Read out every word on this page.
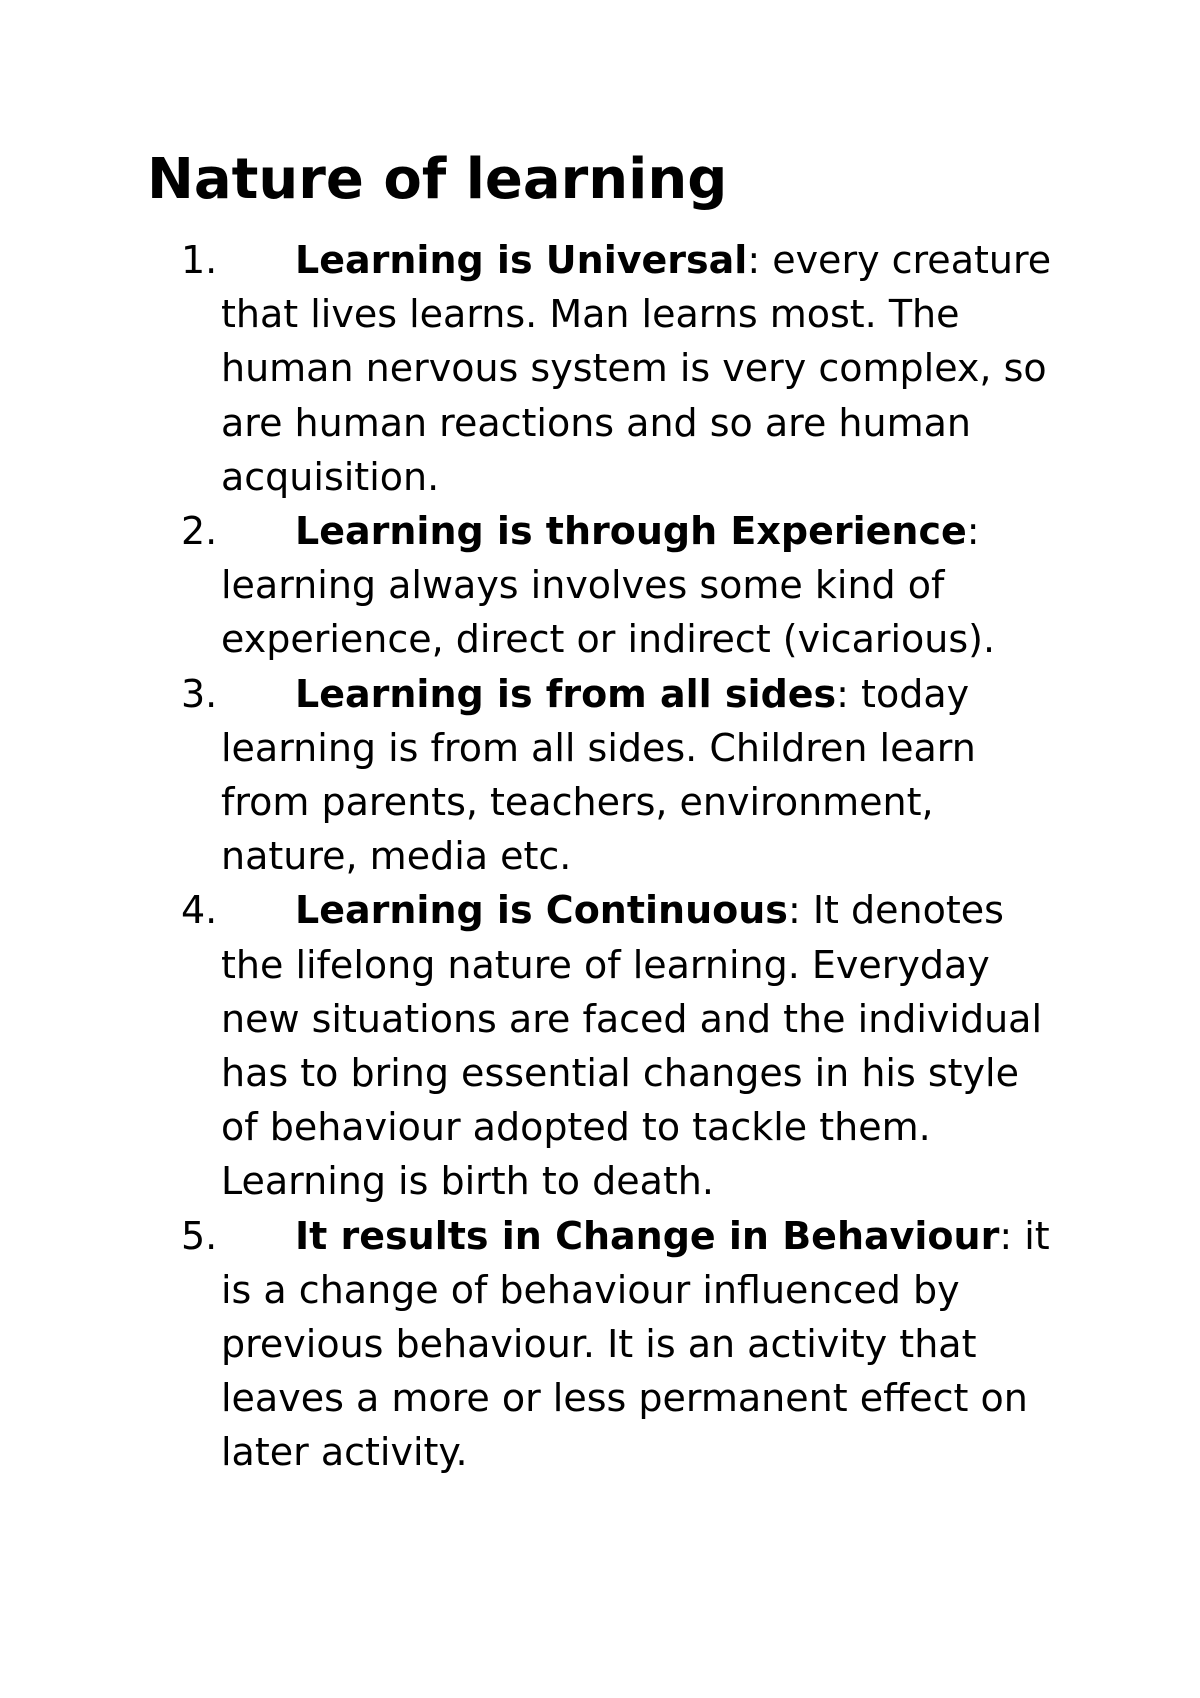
Nature of learning
1. Learning is Universal: every creature that lives learns. Man learns most. The human nervous system is very complex, so are human reactions and so are human acquisition.
2. Learning is through Experience: learning always involves some kind of experience, direct or indirect (vicarious).
3. Learning is from all sides: today learning is from all sides. Children learn from parents, teachers, environment, nature, media etc.
4. Learning is Continuous: It denotes the lifelong nature of learning. Everyday new situations are faced and the individual has to bring essential changes in his style of behaviour adopted to tackle them. Learning is birth to death.
5. It results in Change in Behaviour: it is a change of behaviour influenced by previous behaviour. It is an activity that leaves a more or less permanent effect on later activity.
